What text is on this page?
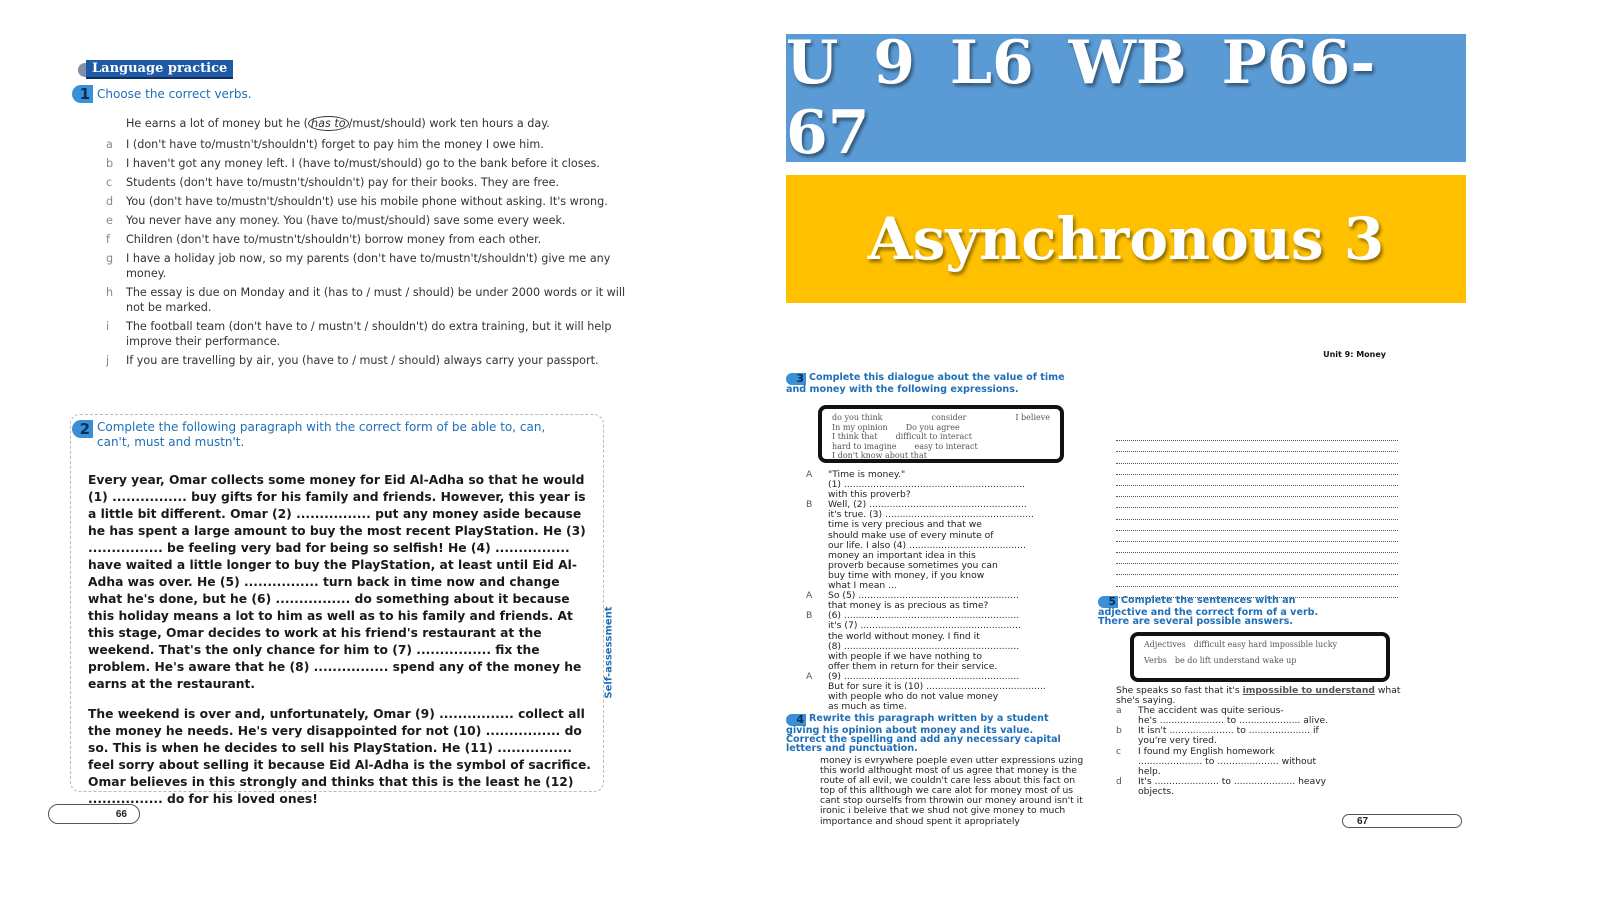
Language practice
1 Choose the correct verbs.
He earns a lot of money but he ( has to /must/should) work ten hours a day.
a	I (don't have to/mustn't/shouldn't) forget to pay him the money I owe him.
b	I haven't got any money left. I (have to/must/should) go to the bank before it closes.
c	Students (don't have to/mustn't/shouldn't) pay for their books. They are free.
d	You (don't have to/mustn't/shouldn't) use his mobile phone without asking. It's wrong.
e	You never have any money. You (have to/must/should) save some every week.
f	Children (don't have to/mustn't/shouldn't) borrow money from each other.
g	I have a holiday job now, so my parents (don't have to/mustn't/shouldn't) give me any money.
h	The essay is due on Monday and it (has to / must / should) be under 2000 words or it will not be marked.
i	The football team (don't have to / mustn't / shouldn't) do extra training, but it will help improve their performance.
j	If you are travelling by air, you (have to / must / should) always carry your passport.
2 Complete the following paragraph with the correct form of be able to, can, can't, must and mustn't.

Every year, Omar collects some money for Eid Al-Adha so that he would (1) ................ buy gifts for his family and friends. However, this year is a little bit different. Omar (2) ................ put any money aside because he has spent a large amount to buy the most recent PlayStation. He (3) ................ be feeling very bad for being so selfish! He (4) ................ have waited a little longer to buy the PlayStation, at least until Eid Al-Adha was over. He (5) ................ turn back in time now and change what he's done, but he (6) ................ do something about it because this holiday means a lot to him as well as to his family and friends. At this stage, Omar decides to work at his friend's restaurant at the weekend. That's the only chance for him to (7) ................ fix the problem. He's aware that he (8) ................ spend any of the money he earns at the restaurant.

The weekend is over and, unfortunately, Omar (9) ................ collect all the money he needs. He's very disappointed for not (10) ................ do so. This is when he decides to sell his PlayStation. He (11) ................ feel sorry about selling it because Eid Al-Adha is the symbol of sacrifice. Omar believes in this strongly and thinks that this is the least he (12) ................ do for his loved ones!

Self-assessment
66
U 9 L6 WB P66- 67
Asynchronous 3
Unit 9: Money
3 Complete this dialogue about the value of time and money with the following expressions.
do you think	consider	I believe
In my opinion Do you agree
I think that difficult to interact
hard to imagine easy to interact
I don't know about that
A	"Time is money."
(1) ..............................................................
with this proverb?
B	Well, (2) ......................................................
it's true. (3) ...................................................
time is very precious and that we
should make use of every minute of
our life. I also (4) ........................................
money an important idea in this
proverb because sometimes you can
buy time with money, if you know
what I mean ...
A	So (5) .......................................................
that money is as precious as time?
B	(6) ............................................................
it's (7) .......................................................
the world without money. I find it
(8) ............................................................
with people if we have nothing to
offer them in return for their service.
A	(9) ............................................................
But for sure it is (10) .........................................
with people who do not value money
as much as time.
4 Rewrite this paragraph written by a student giving his opinion about money and its value. Correct the spelling and add any necessary capital letters and punctuation.
money is evrywhere poeple even utter expressions uzing this world althought most of us agree that money is the route of all evil, we couldn't care less about this fact on top of this allthough we care alot for money most of us cant stop ourselfs from throwin our money around isn't it ironic i beleive that we shud not give money to much importance and shoud spent it apropriately
5 Complete the sentences with an adjective and the correct form of a verb. There are several possible answers.
Adjectives difficult easy hard impossible lucky
Verbs be do lift understand wake up
She speaks so fast that it's impossible to understand what she's saying.
a	The accident was quite serious-
he's ...................... to ..................... alive.
b	It isn't ...................... to ..................... if
you're very tired.
c	I found my English homework
...................... to ..................... without
help.
d	It's ...................... to ..................... heavy
objects.
67
